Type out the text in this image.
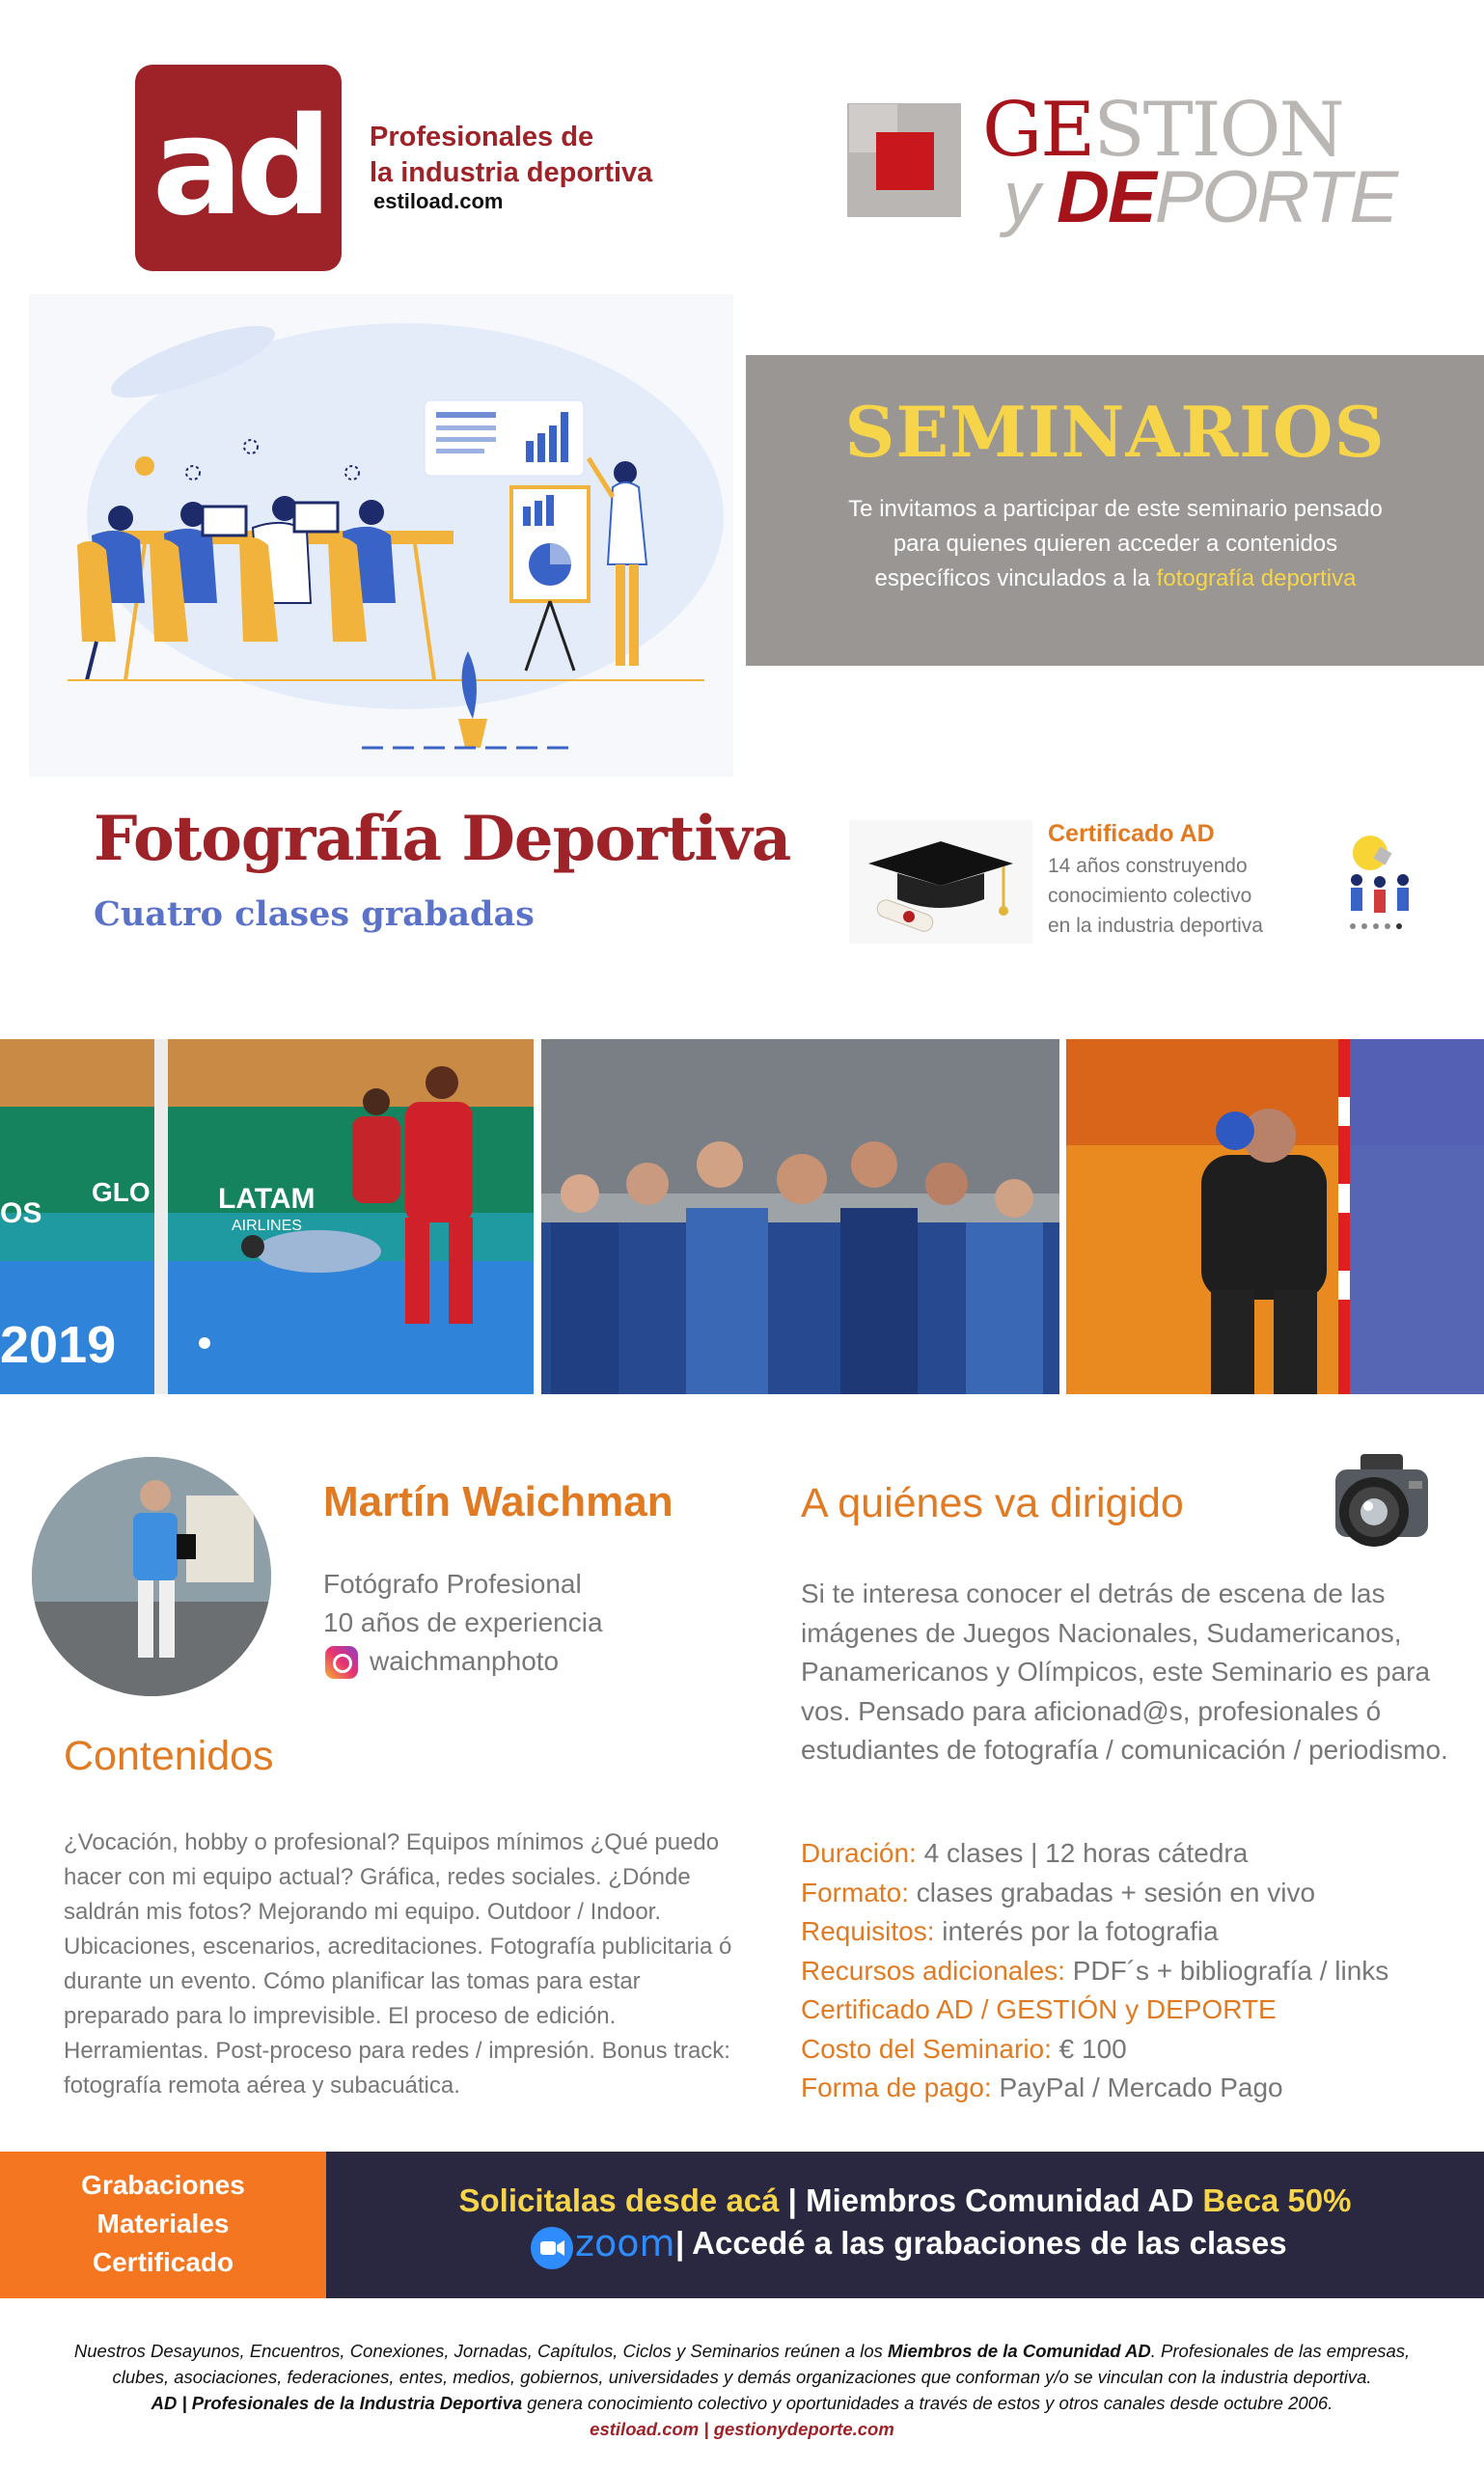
ad	Profesionales de
la industria deportiva
estiload.com
GESTION
y DEPORTE
SEMINARIOS
Te invitamos a participar de este seminario pensado
para quienes quieren acceder a contenidos
específicos vinculados a la fotografía deportiva
Fotografía Deportiva
Cuatro clases grabadas
Certificado AD
14 años construyendo
conocimiento colectivo
en la industria deportiva
LATAM
AIRLINES
OS
GLO
2019
Martín Waichman
Fotógrafo Profesional
10 años de experiencia
waichmanphoto
Contenidos
¿Vocación, hobby o profesional? Equipos mínimos ¿Qué puedo hacer con mi equipo actual? Gráfica, redes sociales. ¿Dónde saldrán mis fotos? Mejorando mi equipo. Outdoor / Indoor. Ubicaciones, escenarios, acreditaciones. Fotografía publicitaria ó durante un evento. Cómo planificar las tomas para estar preparado para lo imprevisible. El proceso de edición. Herramientas. Post-proceso para redes / impresión. Bonus track: fotografía remota aérea y subacuática.
A quiénes va dirigido
Si te interesa conocer el detrás de escena de las imágenes de Juegos Nacionales, Sudamericanos, Panamericanos y Olímpicos, este Seminario es para vos. Pensado para aficionad@s, profesionales ó estudiantes de fotografía / comunicación / periodismo.
Duración: 4 clases | 12 horas cátedra
Formato: clases grabadas + sesión en vivo
Requisitos: interés por la fotografia
Recursos adicionales: PDF´s + bibliografía / links
Certificado AD / GESTIÓN y DEPORTE
Costo del Seminario: € 100
Forma de pago: PayPal / Mercado Pago
Grabaciones
Materiales
Certificado
Solicitalas desde acá | Miembros Comunidad AD Beca 50%
zoom | Accedé a las grabaciones de las clases
Nuestros Desayunos, Encuentros, Conexiones, Jornadas, Capítulos, Ciclos y Seminarios reúnen a los Miembros de la Comunidad AD. Profesionales de las empresas,
clubes, asociaciones, federaciones, entes, medios, gobiernos, universidades y demás organizaciones que conforman y/o se vinculan con la industria deportiva.
AD | Profesionales de la Industria Deportiva genera conocimiento colectivo y oportunidades a través de estos y otros canales desde octubre 2006.
estiload.com | gestionydeporte.com
